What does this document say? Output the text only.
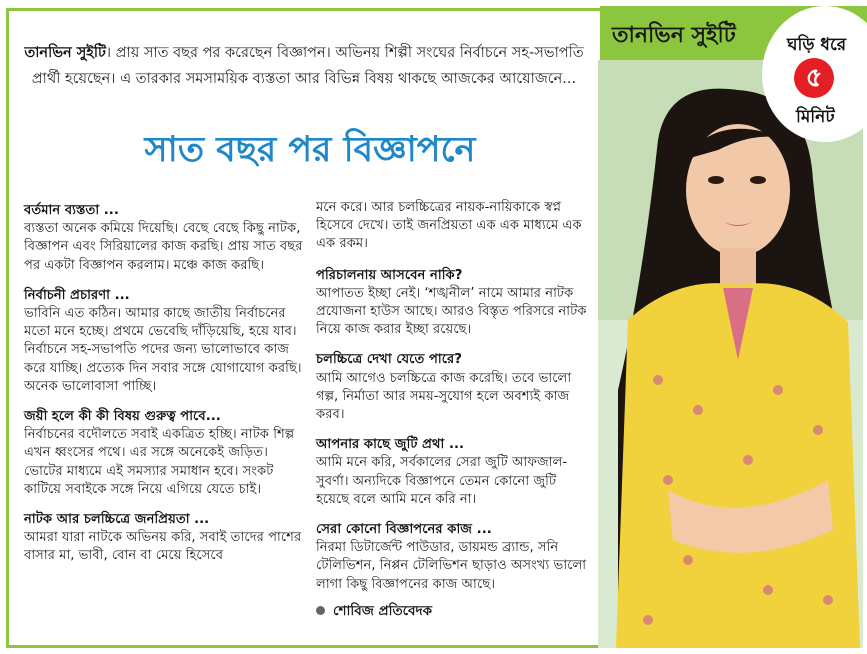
তানভিন সুইটি	ঘড়ি ধরে
৫
মিনিট
তানভিন সুইটি। প্রায় সাত বছর পর করেছেন বিজ্ঞাপন। অভিনয় শিল্পী সংঘের নির্বাচনে সহ-সভাপতি প্রার্থী হয়েছেন। এ তারকার সমসাময়িক ব্যস্ততা আর বিভিন্ন বিষয় থাকছে আজকের আয়োজনে...
সাত বছর পর বিজ্ঞাপনে

বর্তমান ব্যস্ততা ...

ব্যস্ততা অনেক কমিয়ে দিয়েছি। বেছে বেছে কিছু নাটক, বিজ্ঞাপন এবং সিরিয়ালের কাজ করছি। প্রায় সাত বছর পর একটা বিজ্ঞাপন করলাম। মঞ্চে কাজ করছি।

নির্বাচনী প্রচারণা ...

ভাবিনি এত কঠিন। আমার কাছে জাতীয় নির্বাচনের মতো মনে হচ্ছে। প্রথমে ভেবেছি দাঁড়িয়েছি, হয়ে যাব। নির্বাচনে সহ-সভাপতি পদের জন্য ভালোভাবে কাজ করে যাচ্ছি। প্রত্যেক দিন সবার সঙ্গে যোগাযোগ করছি। অনেক ভালোবাসা পাচ্ছি।

জয়ী হলে কী কী বিষয় গুরুত্ব পাবে...

নির্বাচনের বদৌলতে সবাই একত্রিত হচ্ছি। নাটক শিল্প এখন ধ্বংসের পথে। এর সঙ্গে অনেকেই জড়িত। ভোটের মাধ্যমে এই সমস্যার সমাধান হবে। সংকট কাটিয়ে সবাইকে সঙ্গে নিয়ে এগিয়ে যেতে চাই।

নাটক আর চলচ্চিত্রে জনপ্রিয়তা ...

আমরা যারা নাটকে অভিনয় করি, সবাই তাদের পাশের বাসার মা, ভাবী, বোন বা মেয়ে হিসেবে

মনে করে। আর চলচ্চিত্রের নায়ক-নায়িকাকে স্বপ্ন হিসেবে দেখে। তাই জনপ্রিয়তা এক এক মাধ্যমে এক এক রকম।

পরিচালনায় আসবেন নাকি?

আপাতত ইচ্ছা নেই। ‘শঙ্খনীল’ নামে আমার নাটক প্রযোজনা হাউস আছে। আরও বিস্তৃত পরিসরে নাটক নিয়ে কাজ করার ইচ্ছা রয়েছে।

চলচ্চিত্রে দেখা যেতে পারে?

আমি আগেও চলচ্চিত্রে কাজ করেছি। তবে ভালো গল্প, নির্মাতা আর সময়-সুযোগ হলে অবশ্যই কাজ করব।

আপনার কাছে জুটি প্রথা ...

আমি মনে করি, সর্বকালের সেরা জুটি আফজাল-সুবর্ণা। অন্যদিকে বিজ্ঞাপনে তেমন কোনো জুটি হয়েছে বলে আমি মনে করি না।

সেরা কোনো বিজ্ঞাপনের কাজ ...

নিরমা ডিটার্জেন্ট পাউডার, ডায়মন্ড ব্র্যান্ড, সনি টেলিভিশন, নিপ্পন টেলিভিশন ছাড়াও অসংখ্য ভালো লাগা কিছু বিজ্ঞাপনের কাজ আছে।

শোবিজ প্রতিবেদক
